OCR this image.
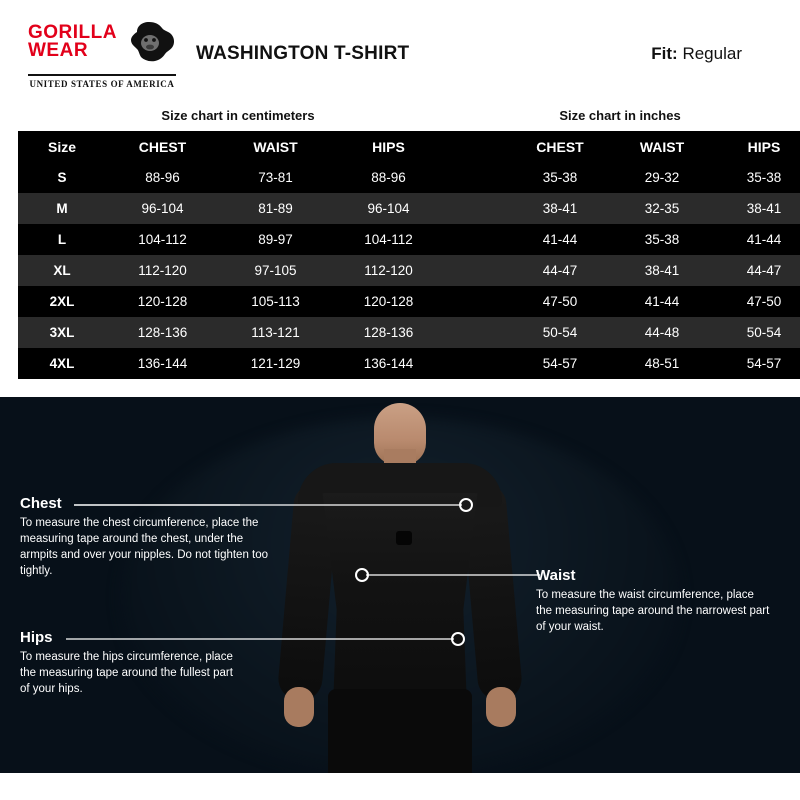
GORILLA
WEAR
UNITED STATES OF AMERICA
WASHINGTON T-SHIRT	Fit: Regular
Size chart in centimeters	Size chart in inches
Size	CHEST	WAIST	HIPS		CHEST	WAIST	HIPS
S	88-96	73-81	88-96		35-38	29-32	35-38
M	96-104	81-89	96-104		38-41	32-35	38-41
L	104-112	89-97	104-112		41-44	35-38	41-44
XL	112-120	97-105	112-120		44-47	38-41	44-47
2XL	120-128	105-113	120-128		47-50	41-44	47-50
3XL	128-136	113-121	128-136		50-54	44-48	50-54
4XL	136-144	121-129	136-144		54-57	48-51	54-57

Chest

To measure the chest circumference, place the measuring tape around the chest, under the armpits and over your nipples. Do not tighten too tightly.

Hips

To measure the hips circumference, place the measuring tape around the fullest part of your hips.

Waist

To measure the waist circumference, place the measuring tape around the narrowest part of your waist.
